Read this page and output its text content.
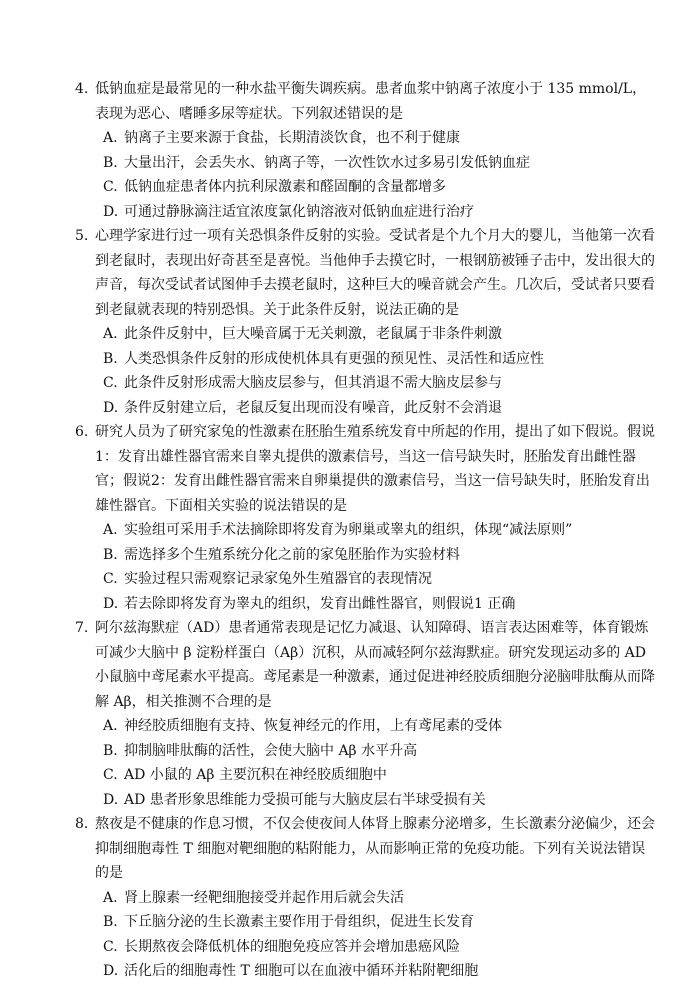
4. 低钠血症是最常见的一种水盐平衡失调疾病。患者血浆中钠离子浓度小于 135 mmol/L，表现为恶心、嗜睡多尿等症状。下列叙述错误的是
A. 钠离子主要来源于食盐，长期清淡饮食，也不利于健康
B. 大量出汗，会丢失水、钠离子等，一次性饮水过多易引发低钠血症
C. 低钠血症患者体内抗利尿激素和醛固酮的含量都增多
D. 可通过静脉滴注适宜浓度氯化钠溶液对低钠血症进行治疗
5. 心理学家进行过一项有关恐惧条件反射的实验。受试者是个九个月大的婴儿，当他第一次看到老鼠时，表现出好奇甚至是喜悦。当他伸手去摸它时，一根钢筋被锤子击中，发出很大的声音，每次受试者试图伸手去摸老鼠时，这种巨大的噪音就会产生。几次后，受试者只要看到老鼠就表现的特别恐惧。关于此条件反射，说法正确的是
A. 此条件反射中，巨大噪音属于无关刺激，老鼠属于非条件刺激
B. 人类恐惧条件反射的形成使机体具有更强的预见性、灵活性和适应性
C. 此条件反射形成需大脑皮层参与，但其消退不需大脑皮层参与
D. 条件反射建立后，老鼠反复出现而没有噪音，此反射不会消退
6. 研究人员为了研究家兔的性激素在胚胎生殖系统发育中所起的作用，提出了如下假说。假说1：发育出雄性器官需来自睾丸提供的激素信号，当这一信号缺失时，胚胎发育出雌性器官；假说2：发育出雌性器官需来自卵巢提供的激素信号，当这一信号缺失时，胚胎发育出雄性器官。下面相关实验的说法错误的是
A. 实验组可采用手术法摘除即将发育为卵巢或睾丸的组织，体现“减法原则”
B. 需选择多个生殖系统分化之前的家兔胚胎作为实验材料
C. 实验过程只需观察记录家兔外生殖器官的表现情况
D. 若去除即将发育为睾丸的组织，发育出雌性器官，则假说1 正确
7. 阿尔兹海默症（AD）患者通常表现是记忆力减退、认知障碍、语言表达困难等，体育锻炼可减少大脑中 β 淀粉样蛋白（Aβ）沉积，从而减轻阿尔兹海默症。研究发现运动多的 AD 小鼠脑中鸢尾素水平提高。鸢尾素是一种激素，通过促进神经胶质细胞分泌脑啡肽酶从而降解 Aβ，相关推测不合理的是
A. 神经胶质细胞有支持、恢复神经元的作用，上有鸢尾素的受体
B. 抑制脑啡肽酶的活性，会使大脑中 Aβ 水平升高
C. AD 小鼠的 Aβ 主要沉积在神经胶质细胞中
D. AD 患者形象思维能力受损可能与大脑皮层右半球受损有关
8. 熬夜是不健康的作息习惯，不仅会使夜间人体肾上腺素分泌增多，生长激素分泌偏少，还会抑制细胞毒性 T 细胞对靶细胞的粘附能力，从而影响正常的免疫功能。下列有关说法错误的是
A. 肾上腺素一经靶细胞接受并起作用后就会失活
B. 下丘脑分泌的生长激素主要作用于骨组织，促进生长发育
C. 长期熬夜会降低机体的细胞免疫应答并会增加患癌风险
D. 活化后的细胞毒性 T 细胞可以在血液中循环并粘附靶细胞
